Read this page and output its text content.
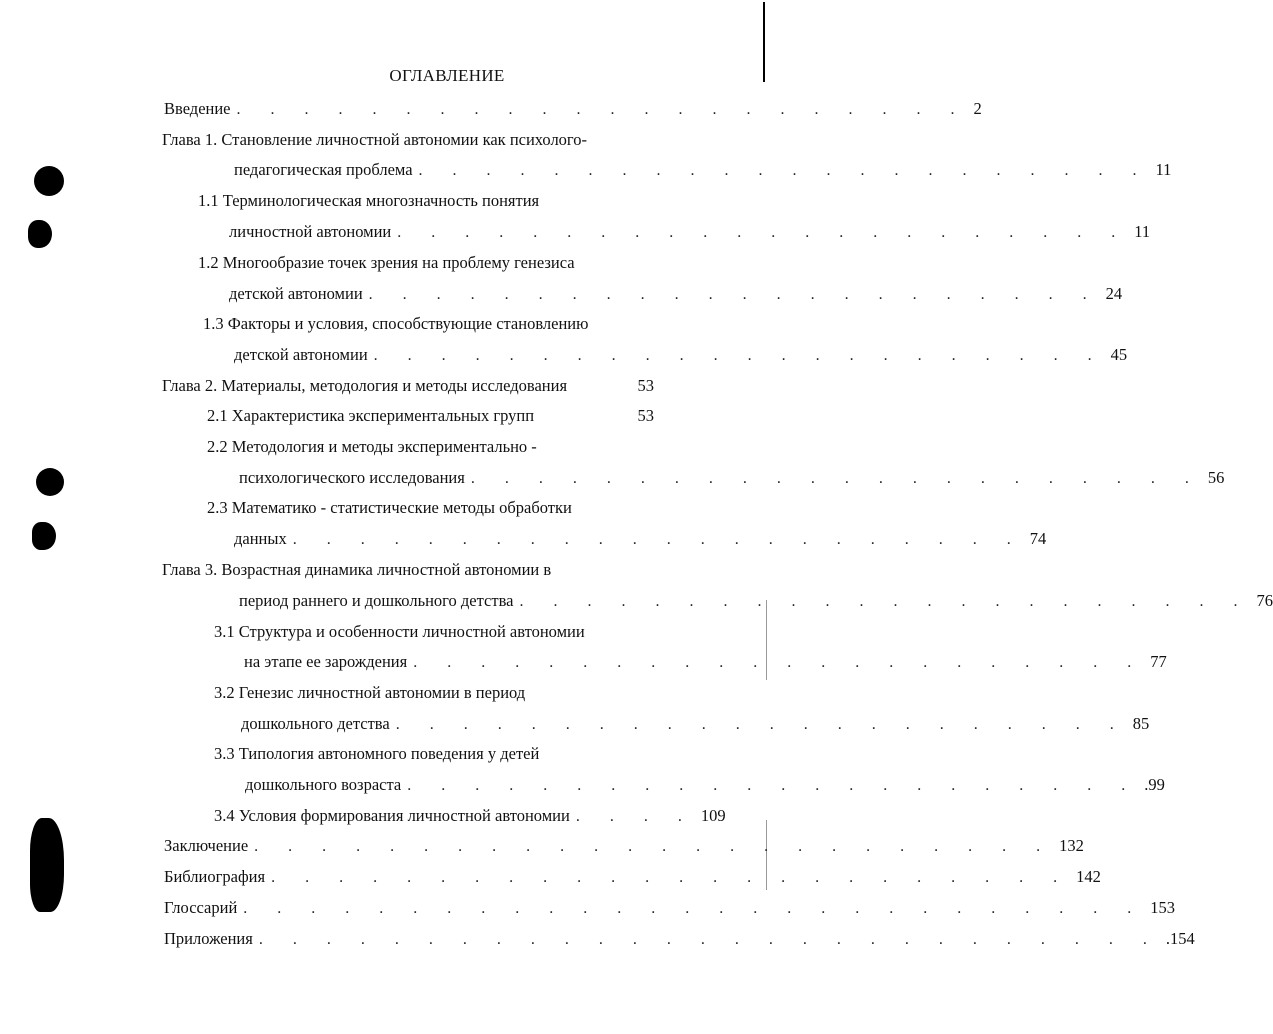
ОГЛАВЛЕНИЕ
Введение . . . . . . . . . . . . . . . . . . . . . . 2
Глава 1. Становление личностной автономии как психолого-
педагогическая проблема . . . . . . . . . . . . . . . . . . . . . . 11
1.1 Терминологическая многозначность понятия
личностной автономии . . . . . . . . . . . . . . . . . . . . . . 11
1.2 Многообразие точек зрения на проблему генезиса
детской автономии . . . . . . . . . . . . . . . . . . . . . . 24
1.3 Факторы и условия, способствующие становлению
детской автономии . . . . . . . . . . . . . . . . . . . . . . 45
Глава 2. Материалы, методология и методы исследования	53
2.1 Характеристика экспериментальных групп	53
2.2 Методология и методы экспериментально -
психологического исследования . . . . . . . . . . . . . . . . . . . . . . 56
2.3 Математико - статистические методы обработки
данных . . . . . . . . . . . . . . . . . . . . . . 74
Глава 3. Возрастная динамика личностной автономии в
период раннего и дошкольного детства . . . . . . . . . . . . . . . . . . . . . . 76
3.1 Структура и особенности личностной автономии
на этапе ее зарождения . . . . . . . . . . . . . . . . . . . . . . 77
3.2 Генезис личностной автономии в период
дошкольного детства . . . . . . . . . . . . . . . . . . . . . . 85
3.3 Типология автономного поведения у детей
дошкольного возраста . . . . . . . . . . . . . . . . . . . . . . .99
3.4 Условия формирования личностной автономии . . . . 109
Заключение . . . . . . . . . . . . . . . . . . . . . . . . 132
Библиография . . . . . . . . . . . . . . . . . . . . . . . . 142
Глоссарий . . . . . . . . . . . . . . . . . . . . . . . . . . . 153
Приложения . . . . . . . . . . . . . . . . . . . . . . . . . . . .154
